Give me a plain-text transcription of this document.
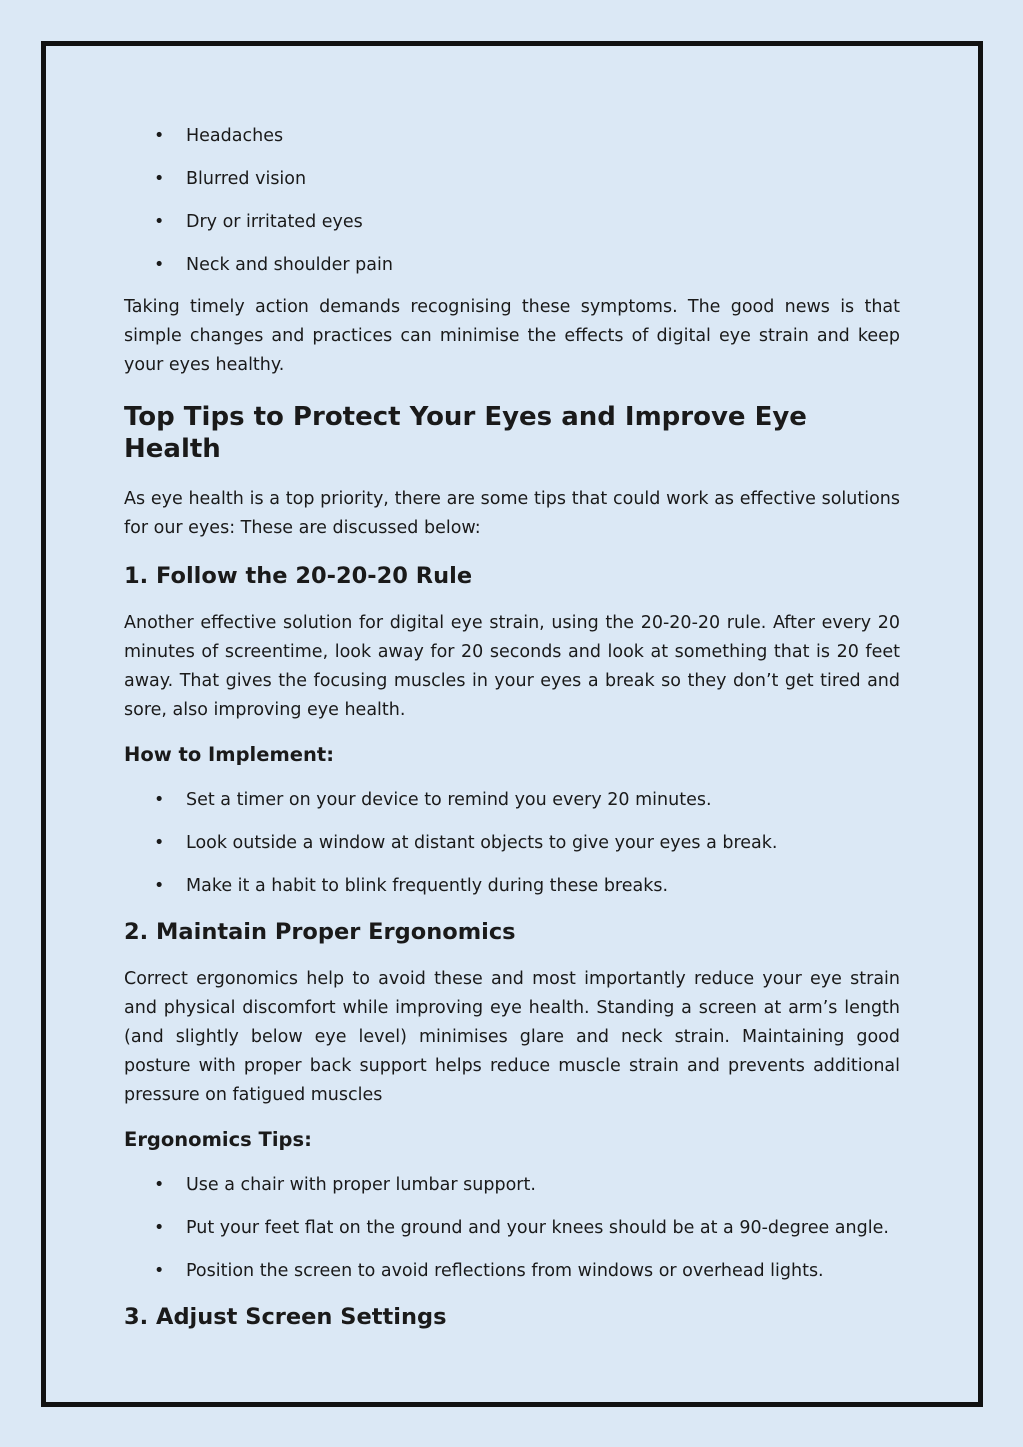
• Headaches
• Blurred vision
• Dry or irritated eyes
• Neck and shoulder pain

Taking timely action demands recognising these symptoms. The good news is that simple changes and practices can minimise the effects of digital eye strain and keep your eyes healthy.

Top Tips to Protect Your Eyes and Improve Eye Health

As eye health is a top priority, there are some tips that could work as effective solutions for our eyes: These are discussed below:

1. Follow the 20-20-20 Rule

Another effective solution for digital eye strain, using the 20-20-20 rule. After every 20 minutes of screentime, look away for 20 seconds and look at something that is 20 feet away. That gives the focusing muscles in your eyes a break so they don’t get tired and sore, also improving eye health.

How to Implement:
• Set a timer on your device to remind you every 20 minutes.
• Look outside a window at distant objects to give your eyes a break.
• Make it a habit to blink frequently during these breaks.
2. Maintain Proper Ergonomics

Correct ergonomics help to avoid these and most importantly reduce your eye strain and physical discomfort while improving eye health. Standing a screen at arm’s length (and slightly below eye level) minimises glare and neck strain. Maintaining good posture with proper back support helps reduce muscle strain and prevents additional pressure on fatigued muscles

Ergonomics Tips:
• Use a chair with proper lumbar support.
• Put your feet flat on the ground and your knees should be at a 90-degree angle.
• Position the screen to avoid reflections from windows or overhead lights.
3. Adjust Screen Settings
